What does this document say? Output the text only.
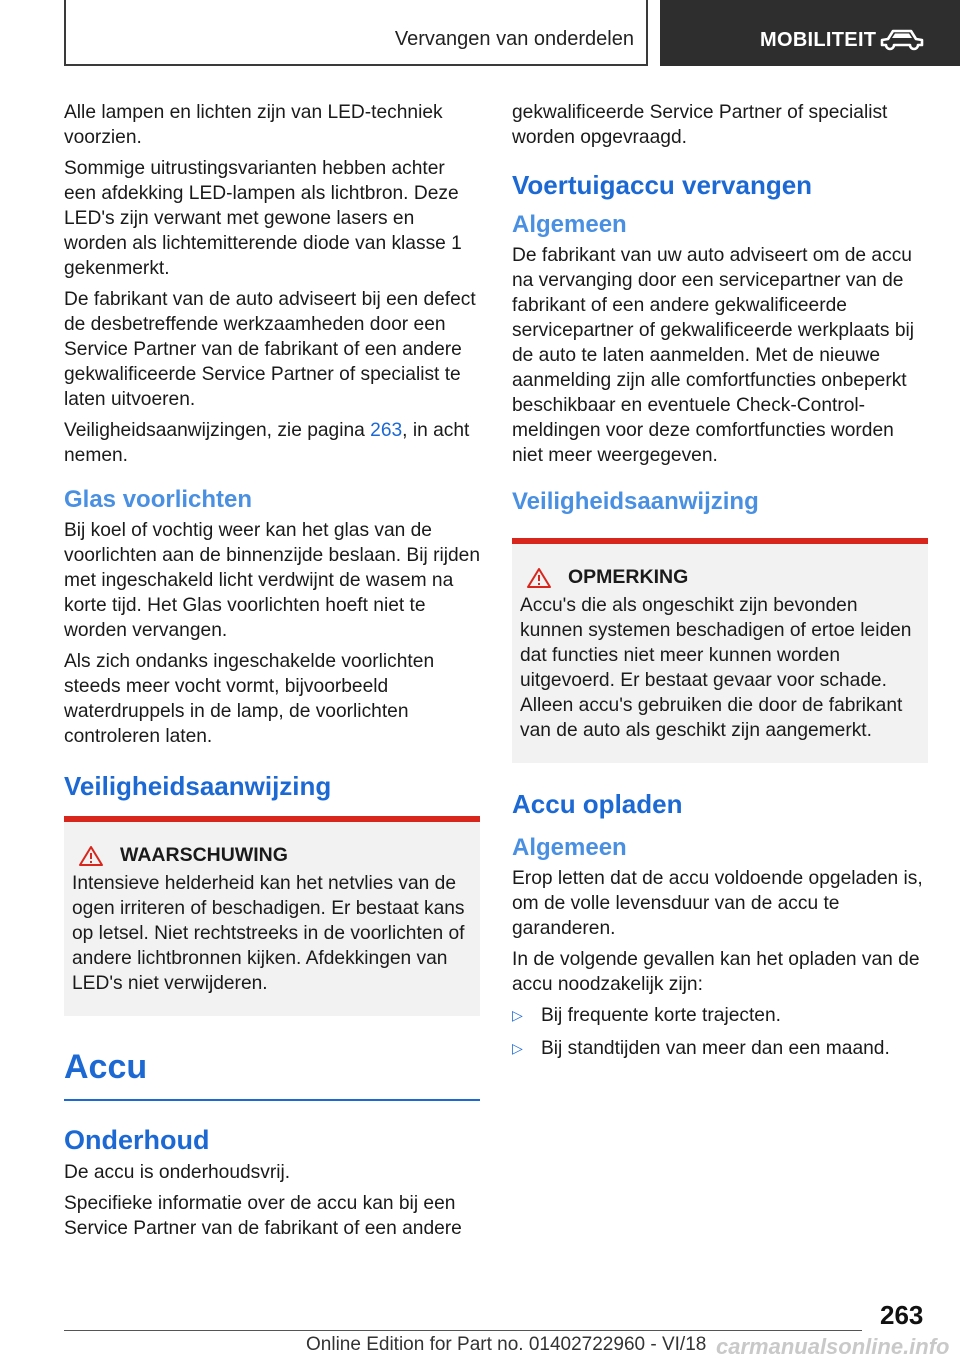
Vervangen van onderdelen	MOBILITEIT

Alle lampen en lichten zijn van LED-techniek voorzien.

Sommige uitrustingsvarianten hebben achter een afdekking LED-lampen als lichtbron. Deze LED's zijn verwant met gewone lasers en worden als lichtemitterende diode van klasse 1 gekenmerkt.

De fabrikant van de auto adviseert bij een defect de desbetreffende werkzaamheden door een Service Partner van de fabrikant of een andere gekwalificeerde Service Partner of specialist te laten uitvoeren.

Veiligheidsaanwijzingen, zie pagina 263, in acht nemen.

Glas voorlichten

Bij koel of vochtig weer kan het glas van de voorlichten aan de binnenzijde beslaan. Bij rijden met ingeschakeld licht verdwijnt de wasem na korte tijd. Het Glas voorlichten hoeft niet te worden vervangen.

Als zich ondanks ingeschakelde voorlichten steeds meer vocht vormt, bijvoorbeeld waterdruppels in de lamp, de voorlichten controleren laten.

Veiligheidsaanwijzing
WAARSCHUWING

Intensieve helderheid kan het netvlies van de ogen irriteren of beschadigen. Er bestaat kans op letsel. Niet rechtstreeks in de voorlichten of andere lichtbronnen kijken. Afdekkingen van LED's niet verwijderen.

Accu
Onderhoud

De accu is onderhoudsvrij.

Specifieke informatie over de accu kan bij een Service Partner van de fabrikant of een andere

gekwalificeerde Service Partner of specialist worden opgevraagd.

Voertuigaccu vervangen
Algemeen

De fabrikant van uw auto adviseert om de accu na vervanging door een servicepartner van de fabrikant of een andere gekwalificeerde servicepartner of gekwalificeerde werkplaats bij de auto te laten aanmelden. Met de nieuwe aanmelding zijn alle comfortfuncties onbeperkt beschikbaar en eventuele Check-Control-meldingen voor deze comfortfuncties worden niet meer weergegeven.

Veiligheidsaanwijzing
OPMERKING

Accu's die als ongeschikt zijn bevonden kunnen systemen beschadigen of ertoe leiden dat functies niet meer kunnen worden uitgevoerd. Er bestaat gevaar voor schade. Alleen accu's gebruiken die door de fabrikant van de auto als geschikt zijn aangemerkt.

Accu opladen
Algemeen

Erop letten dat de accu voldoende opgeladen is, om de volle levensduur van de accu te garanderen.

In de volgende gevallen kan het opladen van de accu noodzakelijk zijn:

▷ Bij frequente korte trajecten.
▷ Bij standtijden van meer dan een maand.
263
Online Edition for Part no. 01402722960 - VI/18 carmanualsonline.info
